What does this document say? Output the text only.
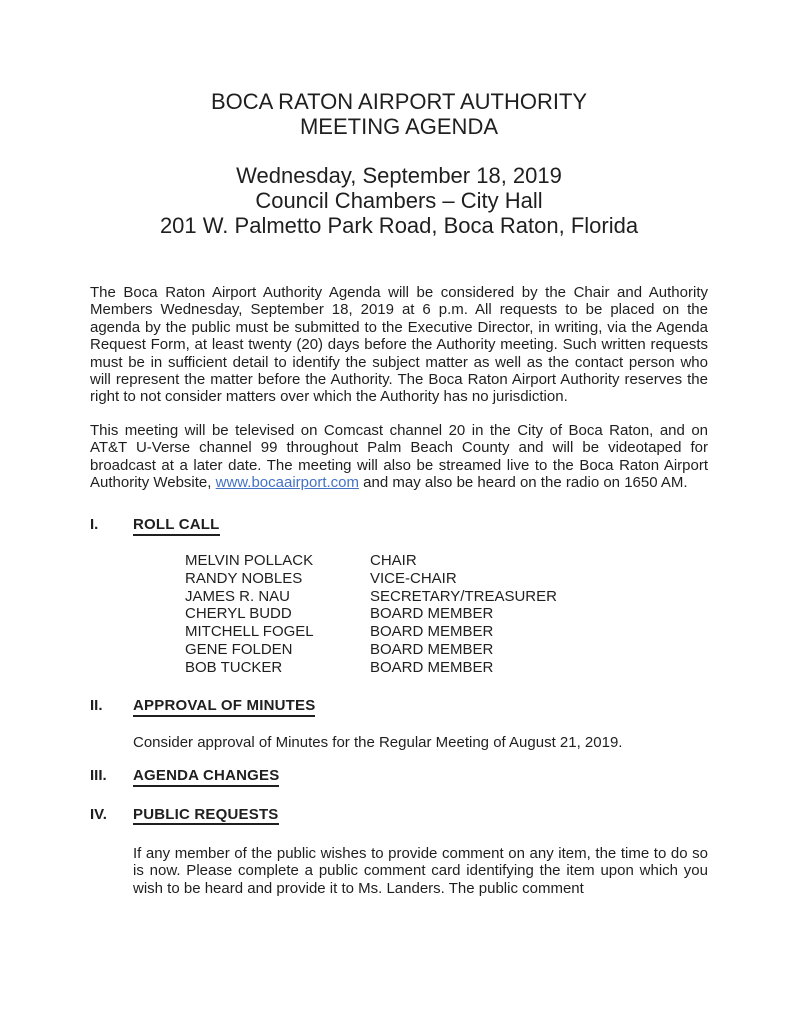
BOCA RATON AIRPORT AUTHORITY
MEETING AGENDA
Wednesday, September 18, 2019
Council Chambers – City Hall
201 W. Palmetto Park Road, Boca Raton, Florida

The Boca Raton Airport Authority Agenda will be considered by the Chair and Authority Members Wednesday, September 18, 2019 at 6 p.m. All requests to be placed on the agenda by the public must be submitted to the Executive Director, in writing, via the Agenda Request Form, at least twenty (20) days before the Authority meeting. Such written requests must be in sufficient detail to identify the subject matter as well as the contact person who will represent the matter before the Authority. The Boca Raton Airport Authority reserves the right to not consider matters over which the Authority has no jurisdiction.

This meeting will be televised on Comcast channel 20 in the City of Boca Raton, and on AT&T U-Verse channel 99 throughout Palm Beach County and will be videotaped for broadcast at a later date. The meeting will also be streamed live to the Boca Raton Airport Authority Website, www.bocaairport.com and may also be heard on the radio on 1650 AM.

I.	ROLL CALL
MELVIN POLLACK	CHAIR
RANDY NOBLES	VICE-CHAIR
JAMES R. NAU	SECRETARY/TREASURER
CHERYL BUDD	BOARD MEMBER
MITCHELL FOGEL	BOARD MEMBER
GENE FOLDEN	BOARD MEMBER
BOB TUCKER	BOARD MEMBER
II.	APPROVAL OF MINUTES

Consider approval of Minutes for the Regular Meeting of August 21, 2019.

III.	AGENDA CHANGES
IV.	PUBLIC REQUESTS

If any member of the public wishes to provide comment on any item, the time to do so is now. Please complete a public comment card identifying the item upon which you wish to be heard and provide it to Ms. Landers. The public comment
